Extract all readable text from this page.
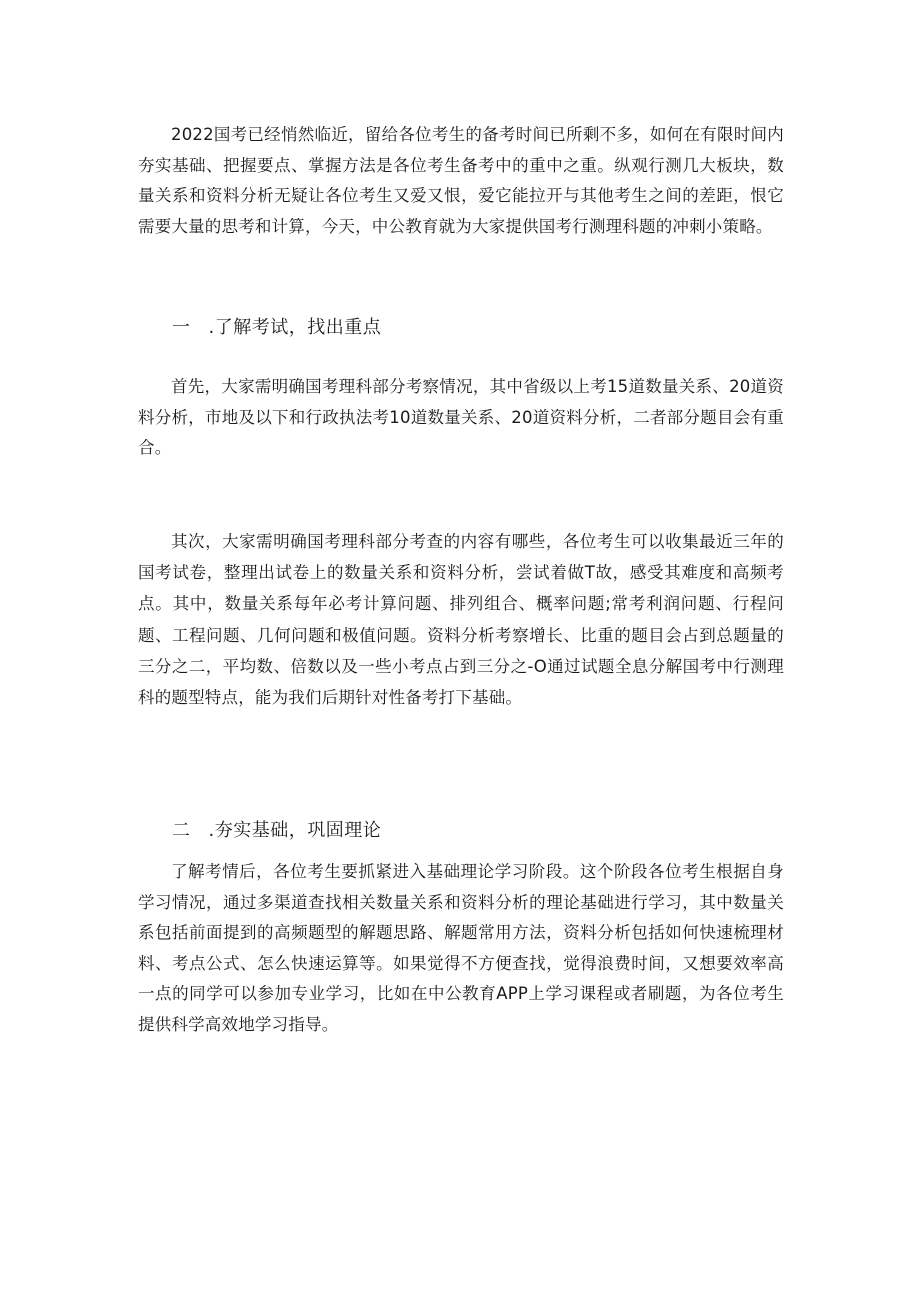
2022国考已经悄然临近，留给各位考生的备考时间已所剩不多，如何在有限时间内夯实基础、把握要点、掌握方法是各位考生备考中的重中之重。纵观行测几大板块，数量关系和资料分析无疑让各位考生又爱又恨，爱它能拉开与其他考生之间的差距，恨它需要大量的思考和计算，今天，中公教育就为大家提供国考行测理科题的冲刺小策略。

一 .了解考试，找出重点

首先，大家需明确国考理科部分考察情况，其中省级以上考15道数量关系、20道资料分析，市地及以下和行政执法考10道数量关系、20道资料分析，二者部分题目会有重合。

其次，大家需明确国考理科部分考查的内容有哪些，各位考生可以收集最近三年的国考试卷，整理出试卷上的数量关系和资料分析，尝试着做T故，感受其难度和高频考点。其中，数量关系每年必考计算问题、排列组合、概率问题;常考利润问题、行程问题、工程问题、几何问题和极值问题。资料分析考察增长、比重的题目会占到总题量的三分之二，平均数、倍数以及一些小考点占到三分之-O通过试题全息分解国考中行测理科的题型特点，能为我们后期针对性备考打下基础。

二 .夯实基础，巩固理论

了解考情后，各位考生要抓紧进入基础理论学习阶段。这个阶段各位考生根据自身学习情况，通过多渠道查找相关数量关系和资料分析的理论基础进行学习，其中数量关系包括前面提到的高频题型的解题思路、解题常用方法，资料分析包括如何快速梳理材料、考点公式、怎么快速运算等。如果觉得不方便查找，觉得浪费时间，又想要效率高一点的同学可以参加专业学习，比如在中公教育APP上学习课程或者刷题，为各位考生提供科学高效地学习指导。
